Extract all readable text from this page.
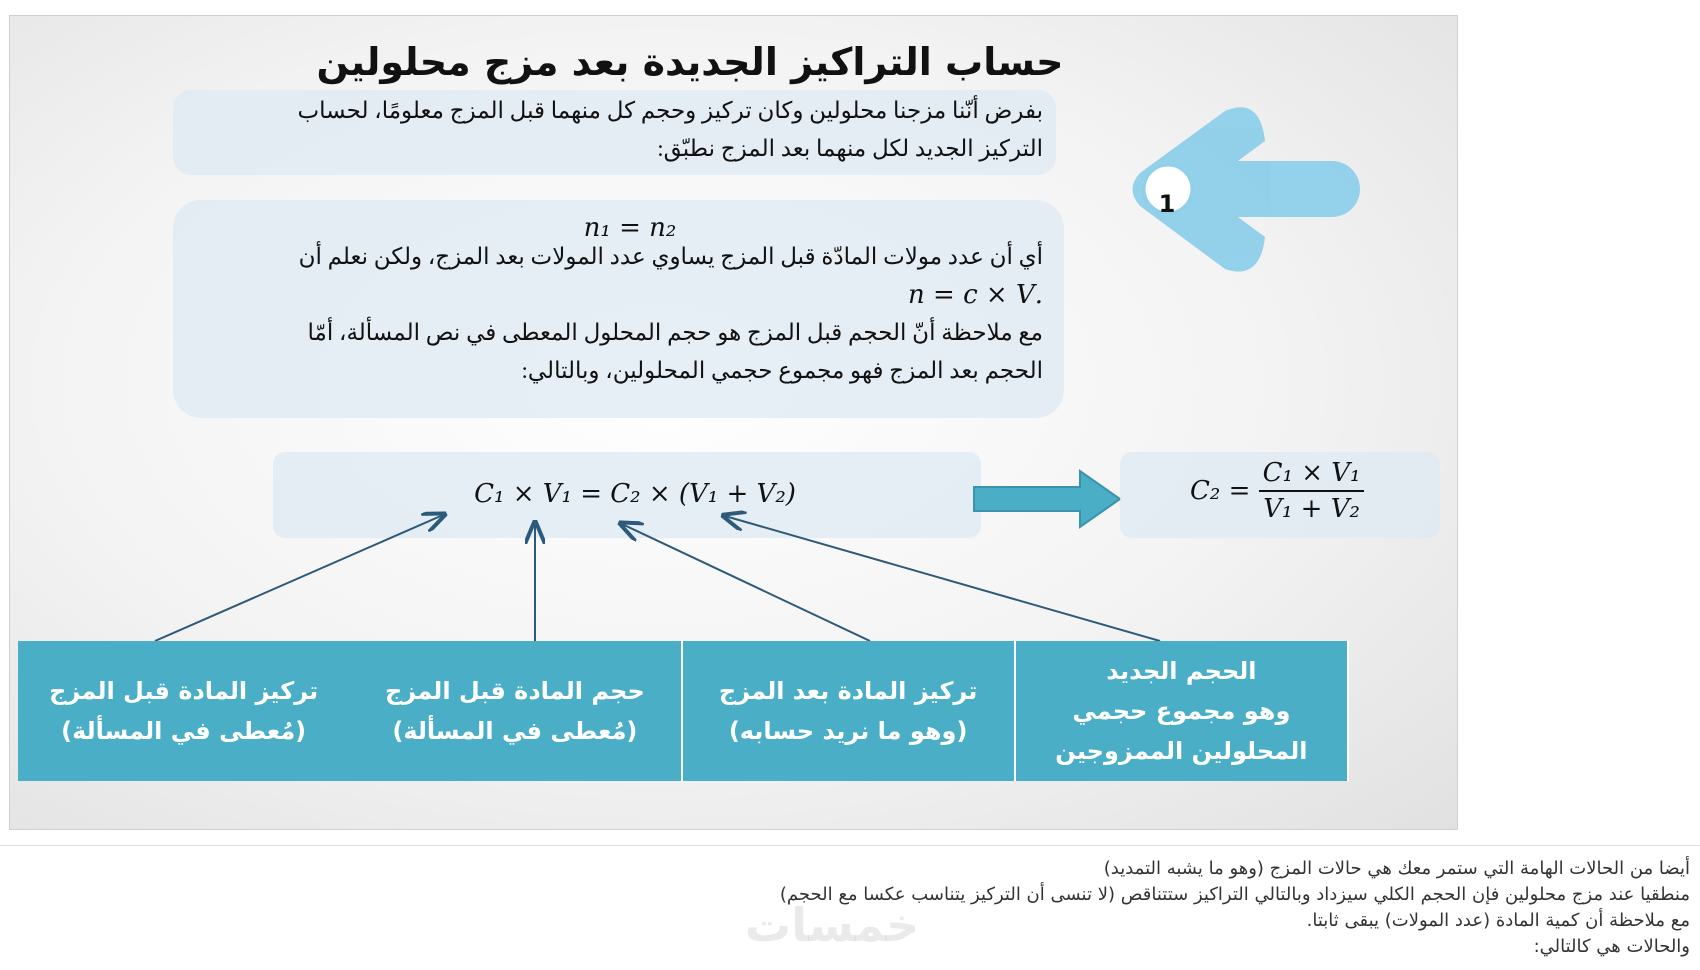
حساب التراكيز الجديدة بعد مزج محلولين
بفرض أنّنا مزجنا محلولين وكان تركيز وحجم كل منهما قبل المزج معلومًا، لحساب
التركيز الجديد لكل منهما بعد المزج نطبّق:
n₁ = n₂
أي أن عدد مولات المادّة قبل المزج يساوي عدد المولات بعد المزج، ولكن نعلم أن
.n = c × V
مع ملاحظة أنّ الحجم قبل المزج هو حجم المحلول المعطى في نص المسألة، أمّا
الحجم بعد المزج فهو مجموع حجمي المحلولين، وبالتالي:
1
C₁ × V₁ = C₂ × (V₁ + V₂)	$C_2 = \frac{\text{C₁ × V₁}}{\text{V₁ + V₂}}$
الحجم الجديد
وهو مجموع حجمي
المحلولين الممزوجين
تركيز المادة بعد المزج
(وهو ما نريد حسابه)
حجم المادة قبل المزج
(مُعطى في المسألة)
تركيز المادة قبل المزج
(مُعطى في المسألة)
خمسات
أيضا من الحالات الهامة التي ستمر معك هي حالات المزج (وهو ما يشبه التمديد)
منطقيا عند مزج محلولين فإن الحجم الكلي سيزداد وبالتالي التراكيز ستتناقص (لا تنسى أن التركيز يتناسب عكسا مع الحجم)
مع ملاحظة أن كمية المادة (عدد المولات) يبقى ثابتا.
والحالات هي كالتالي:
